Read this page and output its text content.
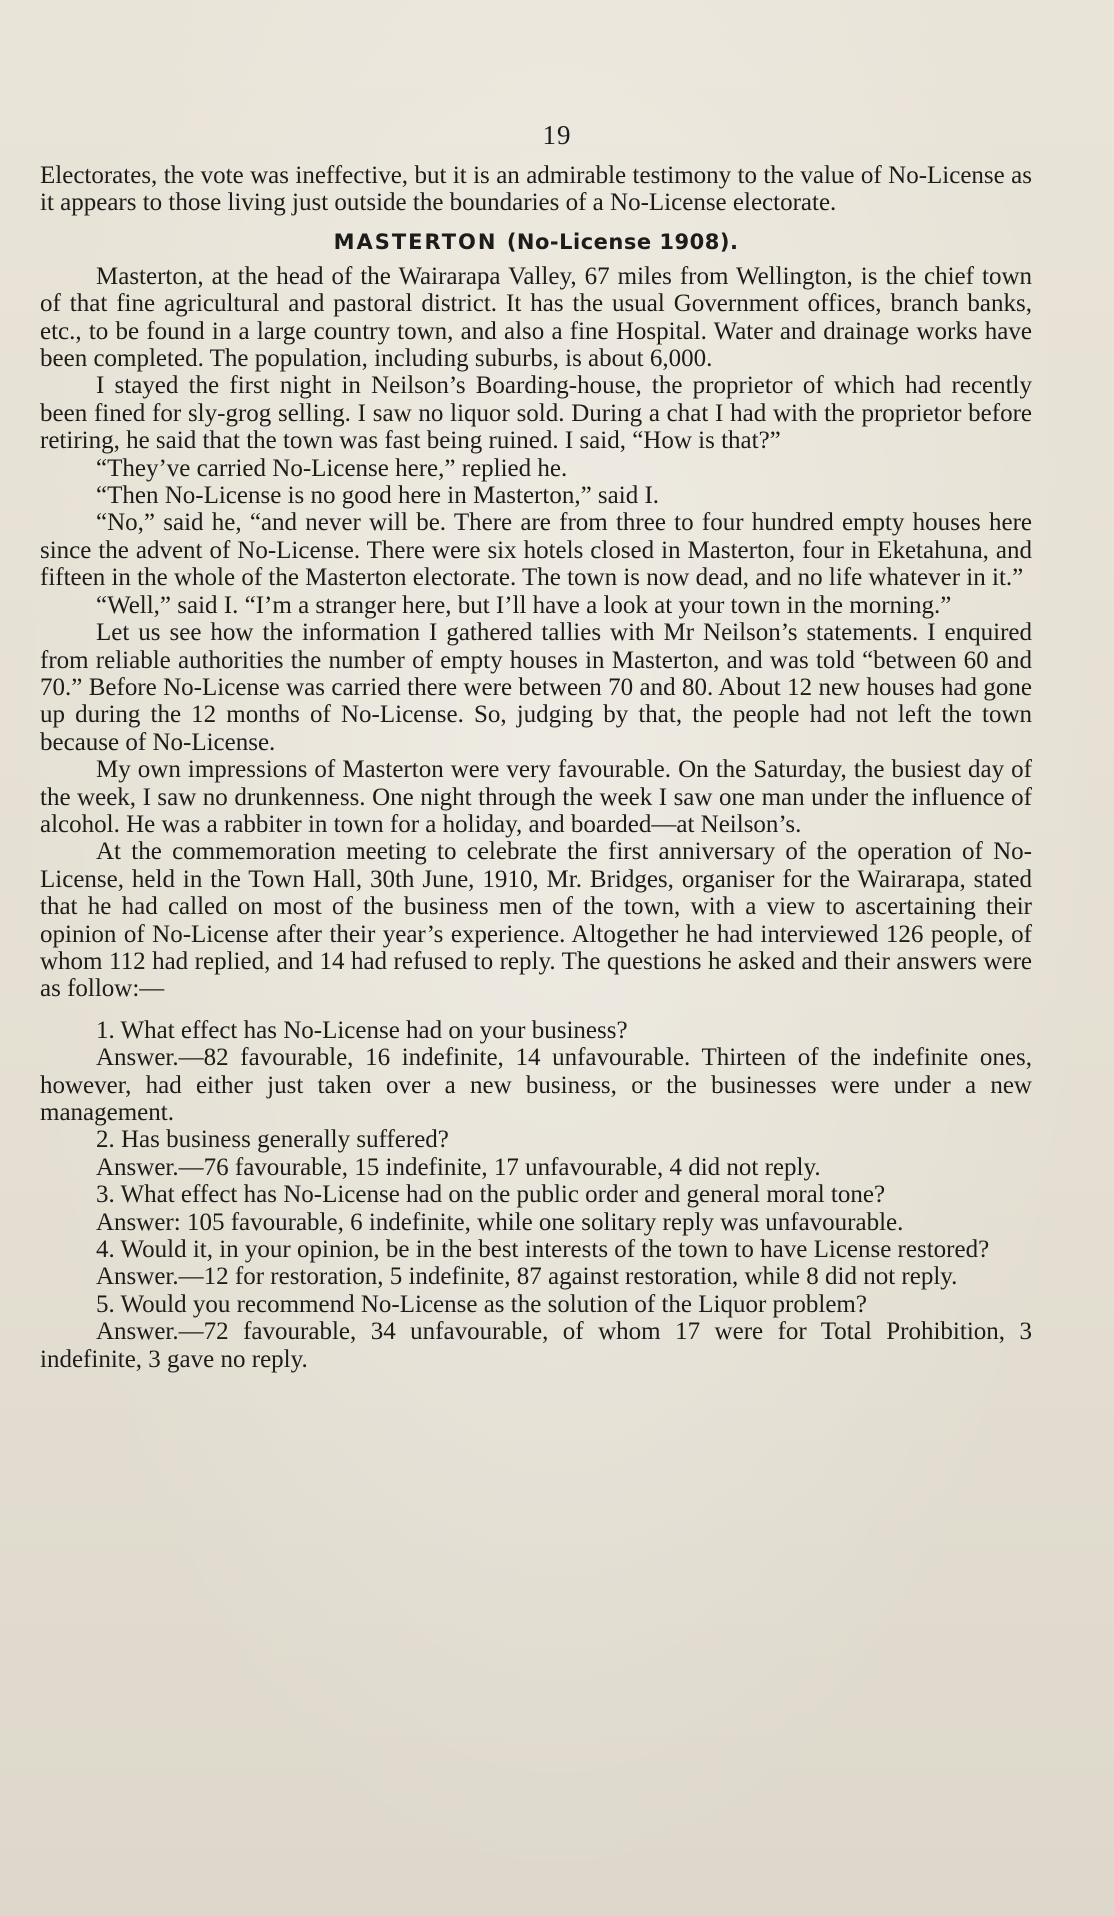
19

Electorates, the vote was ineffective, but it is an admirable testimony to the value of No-License as it appears to those living just outside the boundaries of a No-License electorate.

MASTERTON (No-License 1908).

Masterton, at the head of the Wairarapa Valley, 67 miles from Wellington, is the chief town of that fine agricultural and pastoral district. It has the usual Government offices, branch banks, etc., to be found in a large country town, and also a fine Hospital. Water and drainage works have been completed. The population, including suburbs, is about 6,000.

I stayed the first night in Neilson’s Boarding-house, the proprietor of which had recently been fined for sly-grog selling. I saw no liquor sold. During a chat I had with the proprietor before retiring, he said that the town was fast being ruined. I said, “How is that?”

“They’ve carried No-License here,” replied he.

“Then No-License is no good here in Masterton,” said I.

“No,” said he, “and never will be. There are from three to four hundred empty houses here since the advent of No-License. There were six hotels closed in Masterton, four in Eketahuna, and fifteen in the whole of the Masterton electorate. The town is now dead, and no life whatever in it.”

“Well,” said I. “I’m a stranger here, but I’ll have a look at your town in the morning.”

Let us see how the information I gathered tallies with Mr Neilson’s statements. I enquired from reliable authorities the number of empty houses in Masterton, and was told “between 60 and 70.” Before No-License was carried there were between 70 and 80. About 12 new houses had gone up during the 12 months of No-License. So, judging by that, the people had not left the town because of No-License.

My own impressions of Masterton were very favourable. On the Saturday, the busiest day of the week, I saw no drunkenness. One night through the week I saw one man under the influence of alcohol. He was a rabbiter in town for a holiday, and boarded—at Neilson’s.

At the commemoration meeting to celebrate the first anniversary of the operation of No-License, held in the Town Hall, 30th June, 1910, Mr. Bridges, organiser for the Wairarapa, stated that he had called on most of the business men of the town, with a view to ascertaining their opinion of No-License after their year’s experience. Altogether he had interviewed 126 people, of whom 112 had replied, and 14 had refused to reply. The questions he asked and their answers were as follow:—

1. What effect has No-License had on your business?

Answer.—82 favourable, 16 indefinite, 14 unfavourable. Thirteen of the indefinite ones, however, had either just taken over a new business, or the businesses were under a new management.

2. Has business generally suffered?

Answer.—76 favourable, 15 indefinite, 17 unfavourable, 4 did not reply.

3. What effect has No-License had on the public order and general moral tone?

Answer: 105 favourable, 6 indefinite, while one solitary reply was unfavourable.

4. Would it, in your opinion, be in the best interests of the town to have License restored?

Answer.—12 for restoration, 5 indefinite, 87 against restoration, while 8 did not reply.

5. Would you recommend No-License as the solution of the Liquor problem?

Answer.—72 favourable, 34 unfavourable, of whom 17 were for Total Prohibition, 3 indefinite, 3 gave no reply.
